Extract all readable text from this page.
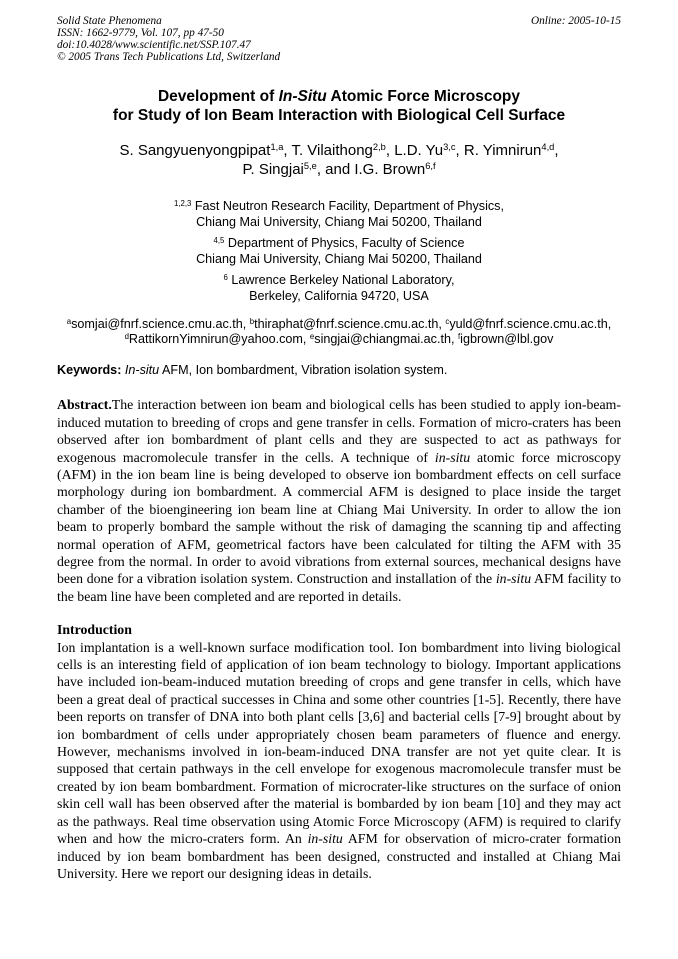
Solid State Phenomena
ISSN: 1662-9779, Vol. 107, pp 47-50
doi:10.4028/www.scientific.net/SSP.107.47
© 2005 Trans Tech Publications Ltd, Switzerland
Online: 2005-10-15
Development of In-Situ Atomic Force Microscopy
for Study of Ion Beam Interaction with Biological Cell Surface
S. Sangyuenyongpipat$^{1,a}$, T. Vilaithong$^{2,b}$, L.D. Yu$^{3,c}$, R. Yimnirun$^{4,d}$,
P. Singjai$^{5,e}$, and I.G. Brown$^{6,f}$
$^{1,2,3}$ Fast Neutron Research Facility, Department of Physics,
Chiang Mai University, Chiang Mai 50200, Thailand
$^{4,5}$ Department of Physics, Faculty of Science
Chiang Mai University, Chiang Mai 50200, Thailand
$^6$ Lawrence Berkeley National Laboratory,
Berkeley, California 94720, USA
$^a$somjai@fnrf.science.cmu.ac.th, $^b$thiraphat@fnrf.science.cmu.ac.th, $^c$yuld@fnrf.science.cmu.ac.th,
$^d$RattikornYimnirun@yahoo.com, $^e$singjai@chiangmai.ac.th, $^f$igbrown@lbl.gov
Keywords: In-situ AFM, Ion bombardment, Vibration isolation system.
Abstract.The interaction between ion beam and biological cells has been studied to apply ion-beam-induced mutation to breeding of crops and gene transfer in cells. Formation of micro-craters has been observed after ion bombardment of plant cells and they are suspected to act as pathways for exogenous macromolecule transfer in the cells. A technique of in-situ atomic force microscopy (AFM) in the ion beam line is being developed to observe ion bombardment effects on cell surface morphology during ion bombardment. A commercial AFM is designed to place inside the target chamber of the bioengineering ion beam line at Chiang Mai University. In order to allow the ion beam to properly bombard the sample without the risk of damaging the scanning tip and affecting normal operation of AFM, geometrical factors have been calculated for tilting the AFM with 35 degree from the normal. In order to avoid vibrations from external sources, mechanical designs have been done for a vibration isolation system. Construction and installation of the in-situ AFM facility to the beam line have been completed and are reported in details.
Introduction
Ion implantation is a well-known surface modification tool. Ion bombardment into living biological cells is an interesting field of application of ion beam technology to biology. Important applications have included ion-beam-induced mutation breeding of crops and gene transfer in cells, which have been a great deal of practical successes in China and some other countries [1-5]. Recently, there have been reports on transfer of DNA into both plant cells [3,6] and bacterial cells [7-9] brought about by ion bombardment of cells under appropriately chosen beam parameters of fluence and energy. However, mechanisms involved in ion-beam-induced DNA transfer are not yet quite clear. It is supposed that certain pathways in the cell envelope for exogenous macromolecule transfer must be created by ion beam bombardment. Formation of microcrater-like structures on the surface of onion skin cell wall has been observed after the material is bombarded by ion beam [10] and they may act as the pathways. Real time observation using Atomic Force Microscopy (AFM) is required to clarify when and how the micro-craters form. An in-situ AFM for observation of micro-crater formation induced by ion beam bombardment has been designed, constructed and installed at Chiang Mai University. Here we report our designing ideas in details.
